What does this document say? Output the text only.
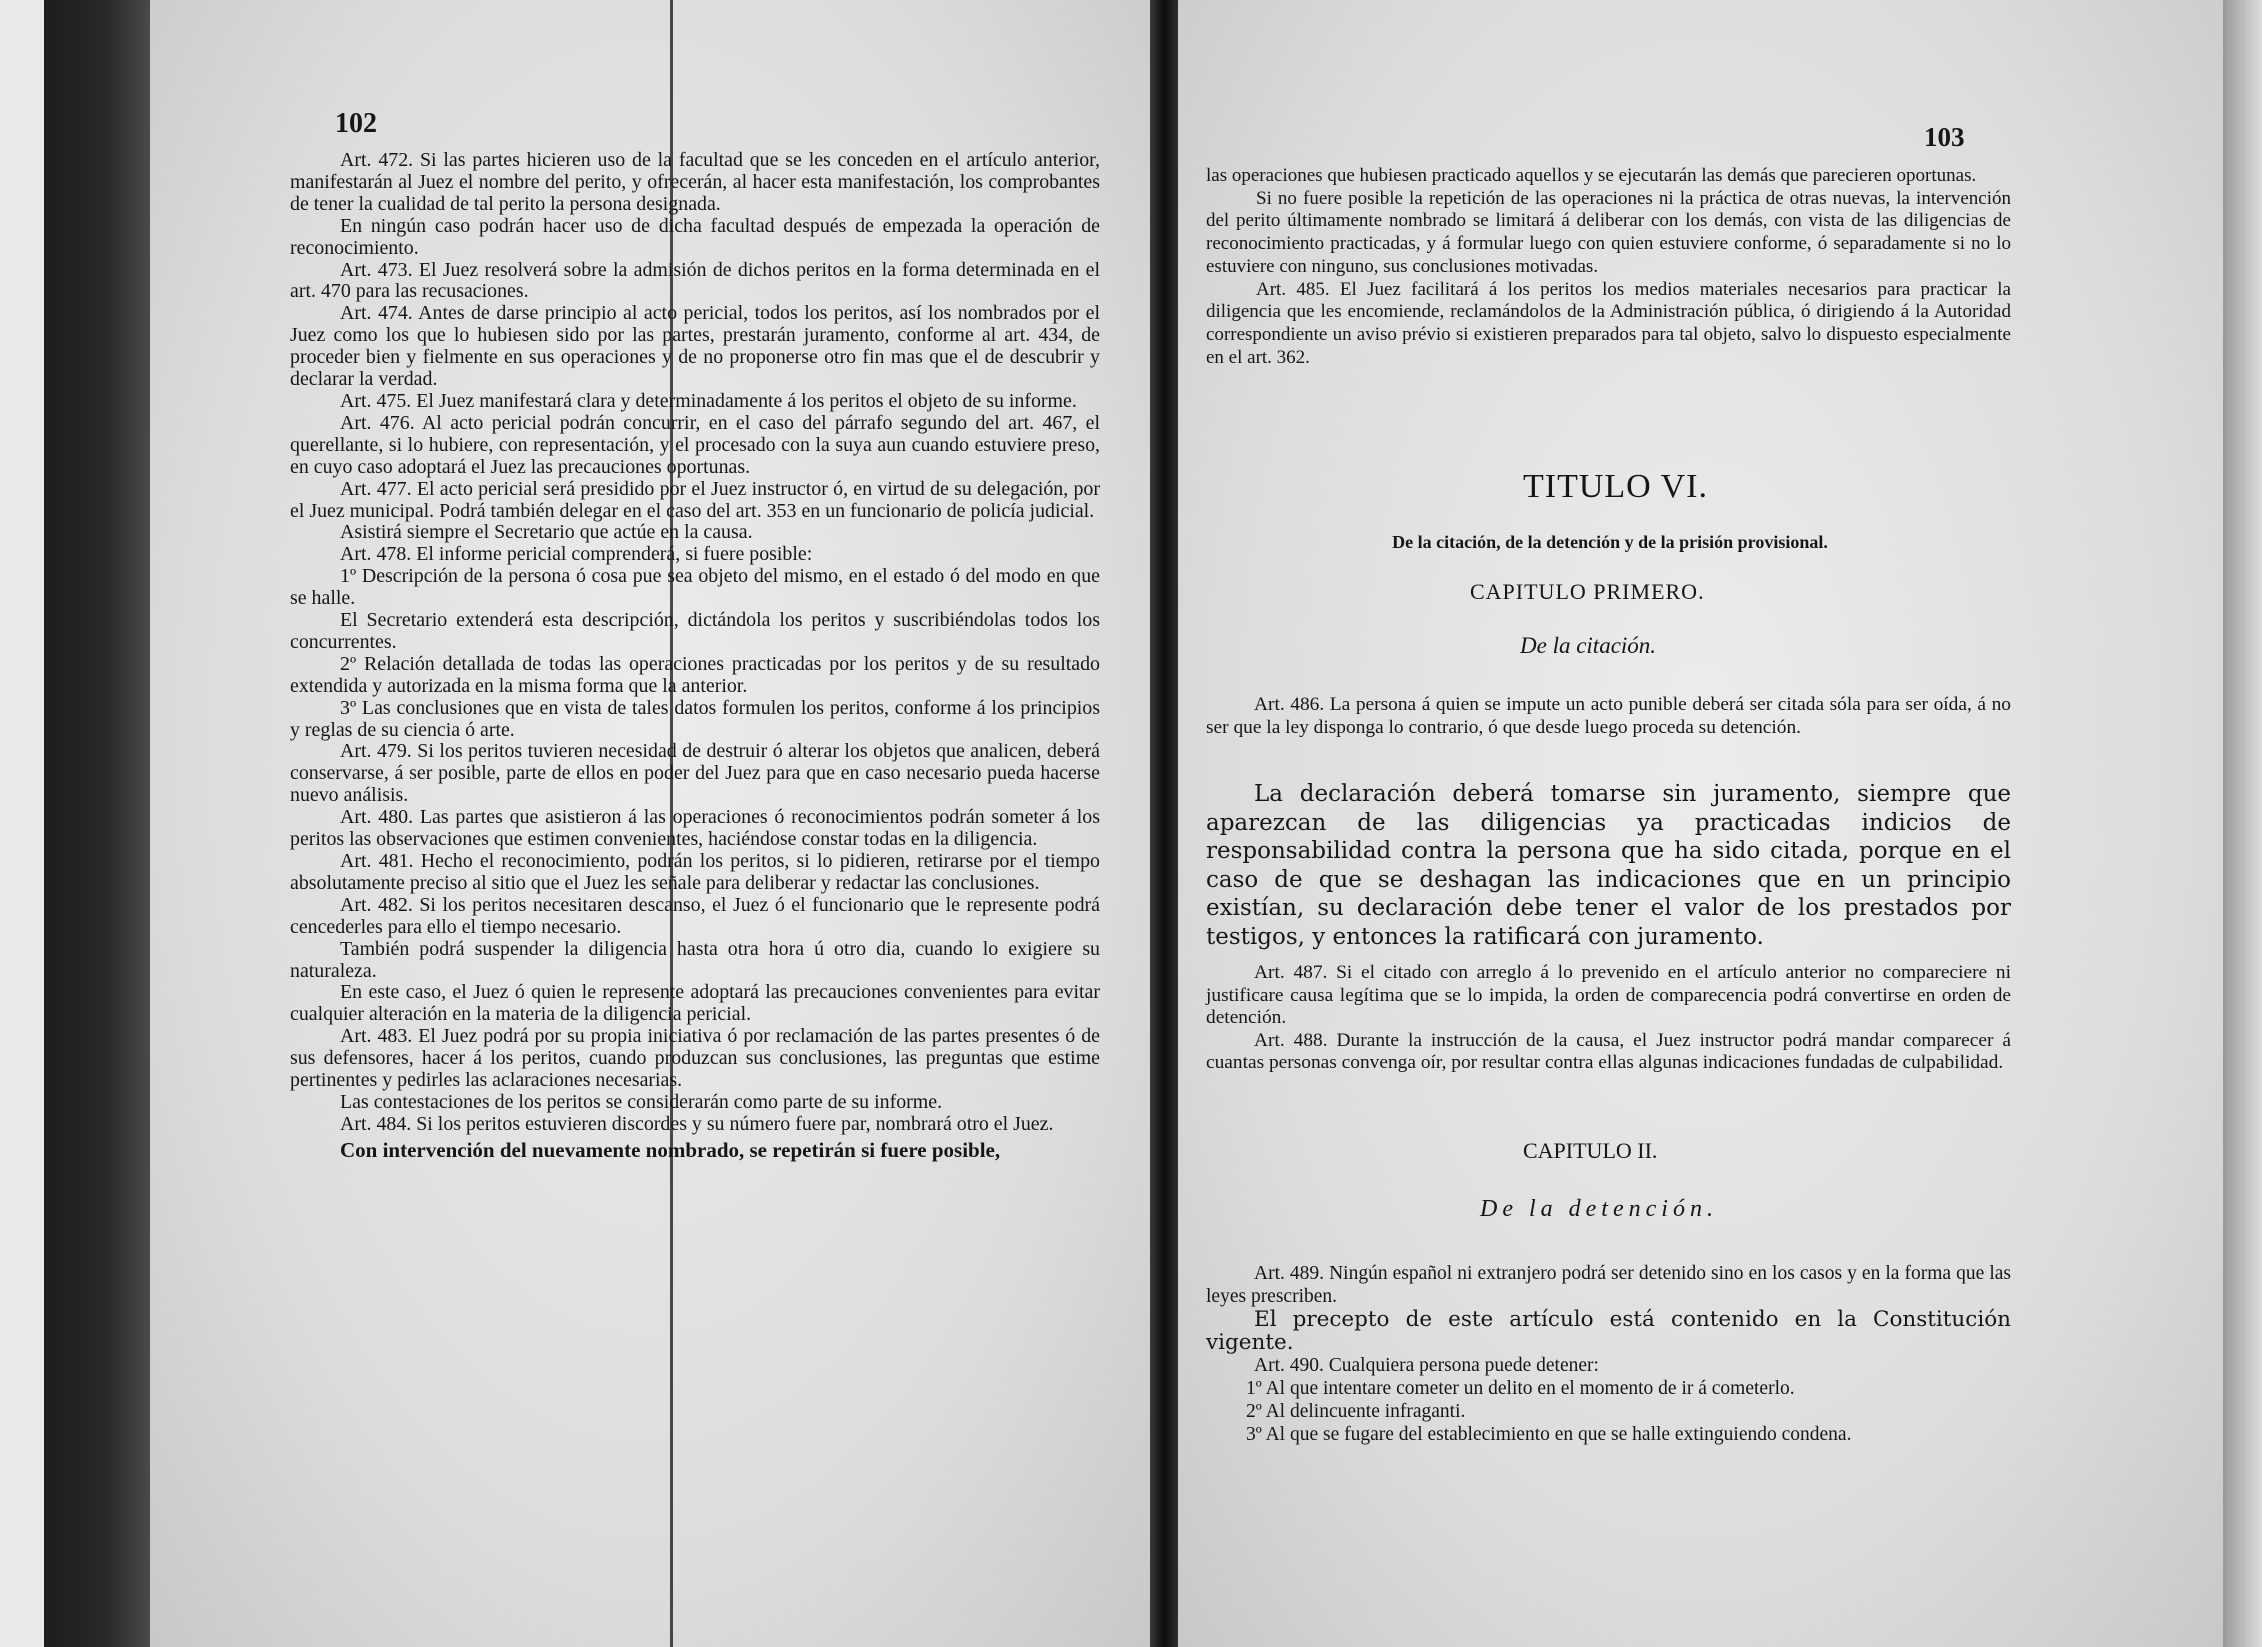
102

Art. 472. Si las partes hicieren uso de la facultad que se les conceden en el artículo anterior, manifestarán al Juez el nombre del perito, y ofrecerán, al hacer esta manifestación, los comprobantes de tener la cualidad de tal perito la persona designada.

En ningún caso podrán hacer uso de dicha facultad después de empezada la operación de reconocimiento.

Art. 473. El Juez resolverá sobre la admisión de dichos peritos en la forma determinada en el art. 470 para las recusaciones.

Art. 474. Antes de darse principio al acto pericial, todos los peritos, así los nombrados por el Juez como los que lo hubiesen sido por las partes, prestarán juramento, conforme al art. 434, de proceder bien y fielmente en sus operaciones y de no proponerse otro fin mas que el de descubrir y declarar la verdad.

Art. 475. El Juez manifestará clara y determinadamente á los peritos el objeto de su informe.

Art. 476. Al acto pericial podrán concurrir, en el caso del párrafo segundo del art. 467, el querellante, si lo hubiere, con representación, y el procesado con la suya aun cuando estuviere preso, en cuyo caso adoptará el Juez las precauciones oportunas.

Art. 477. El acto pericial será presidido por el Juez instructor ó, en virtud de su delegación, por el Juez municipal. Podrá también delegar en el caso del art. 353 en un funcionario de policía judicial.

Asistirá siempre el Secretario que actúe en la causa.

Art. 478. El informe pericial comprenderá, si fuere posible:

1º Descripción de la persona ó cosa pue sea objeto del mismo, en el estado ó del modo en que se halle.

El Secretario extenderá esta descripción, dictándola los peritos y suscribiéndolas todos los concurrentes.

2º Relación detallada de todas las operaciones practicadas por los peritos y de su resultado extendida y autorizada en la misma forma que la anterior.

3º Las conclusiones que en vista de tales datos formulen los peritos, conforme á los principios y reglas de su ciencia ó arte.

Art. 479. Si los peritos tuvieren necesidad de destruir ó alterar los objetos que analicen, deberá conservarse, á ser posible, parte de ellos en poder del Juez para que en caso necesario pueda hacerse nuevo análisis.

Art. 480. Las partes que asistieron á las operaciones ó reconocimientos podrán someter á los peritos las observaciones que estimen convenientes, haciéndose constar todas en la diligencia.

Art. 481. Hecho el reconocimiento, podrán los peritos, si lo pidieren, retirarse por el tiempo absolutamente preciso al sitio que el Juez les señale para deliberar y redactar las conclusiones.

Art. 482. Si los peritos necesitaren descanso, el Juez ó el funcionario que le represente podrá cencederles para ello el tiempo necesario.

También podrá suspender la diligencia hasta otra hora ú otro dia, cuando lo exigiere su naturaleza.

En este caso, el Juez ó quien le represente adoptará las precauciones convenientes para evitar cualquier alteración en la materia de la diligencia pericial.

Art. 483. El Juez podrá por su propia iniciativa ó por reclamación de las partes presentes ó de sus defensores, hacer á los peritos, cuando produzcan sus conclusiones, las preguntas que estime pertinentes y pedirles las aclaraciones necesarias.

Las contestaciones de los peritos se considerarán como parte de su informe.

Art. 484. Si los peritos estuvieren discordes y su número fuere par, nombrará otro el Juez.

Con intervención del nuevamente nombrado, se repetirán si fuere posible,

103

las operaciones que hubiesen practicado aquellos y se ejecutarán las demás que parecieren oportunas.

Si no fuere posible la repetición de las operaciones ni la práctica de otras nuevas, la intervención del perito últimamente nombrado se limitará á deliberar con los demás, con vista de las diligencias de reconocimiento practicadas, y á formular luego con quien estuviere conforme, ó separadamente si no lo estuviere con ninguno, sus conclusiones motivadas.

Art. 485. El Juez facilitará á los peritos los medios materiales necesarios para practicar la diligencia que les encomiende, reclamándolos de la Administración pública, ó dirigiendo á la Autoridad correspondiente un aviso prévio si existieren preparados para tal objeto, salvo lo dispuesto especialmente en el art. 362.

TITULO VI.
De la citación, de la detención y de la prisión provisional.
CAPITULO PRIMERO.
De la citación.

Art. 486. La persona á quien se impute un acto punible deberá ser citada sóla para ser oída, á no ser que la ley disponga lo contrario, ó que desde luego proceda su detención.

La declaración deberá tomarse sin juramento, siempre que aparezcan de las diligencias ya practicadas indicios de responsabilidad contra la persona que ha sido citada, porque en el caso de que se deshagan las indicaciones que en un principio existían, su declaración debe tener el valor de los prestados por testigos, y entonces la ratificará con juramento.

Art. 487. Si el citado con arreglo á lo prevenido en el artículo anterior no compareciere ni justificare causa legítima que se lo impida, la orden de comparecencia podrá convertirse en orden de detención.

Art. 488. Durante la instrucción de la causa, el Juez instructor podrá mandar comparecer á cuantas personas convenga oír, por resultar contra ellas algunas indicaciones fundadas de culpabilidad.

CAPITULO II.
De la detención.

Art. 489. Ningún español ni extranjero podrá ser detenido sino en los casos y en la forma que las leyes prescriben.

El precepto de este artículo está contenido en la Constitución vigente.

Art. 490. Cualquiera persona puede detener:

1º Al que intentare cometer un delito en el momento de ir á cometerlo.

2º Al delincuente infraganti.

3º Al que se fugare del establecimiento en que se halle extinguiendo condena.
